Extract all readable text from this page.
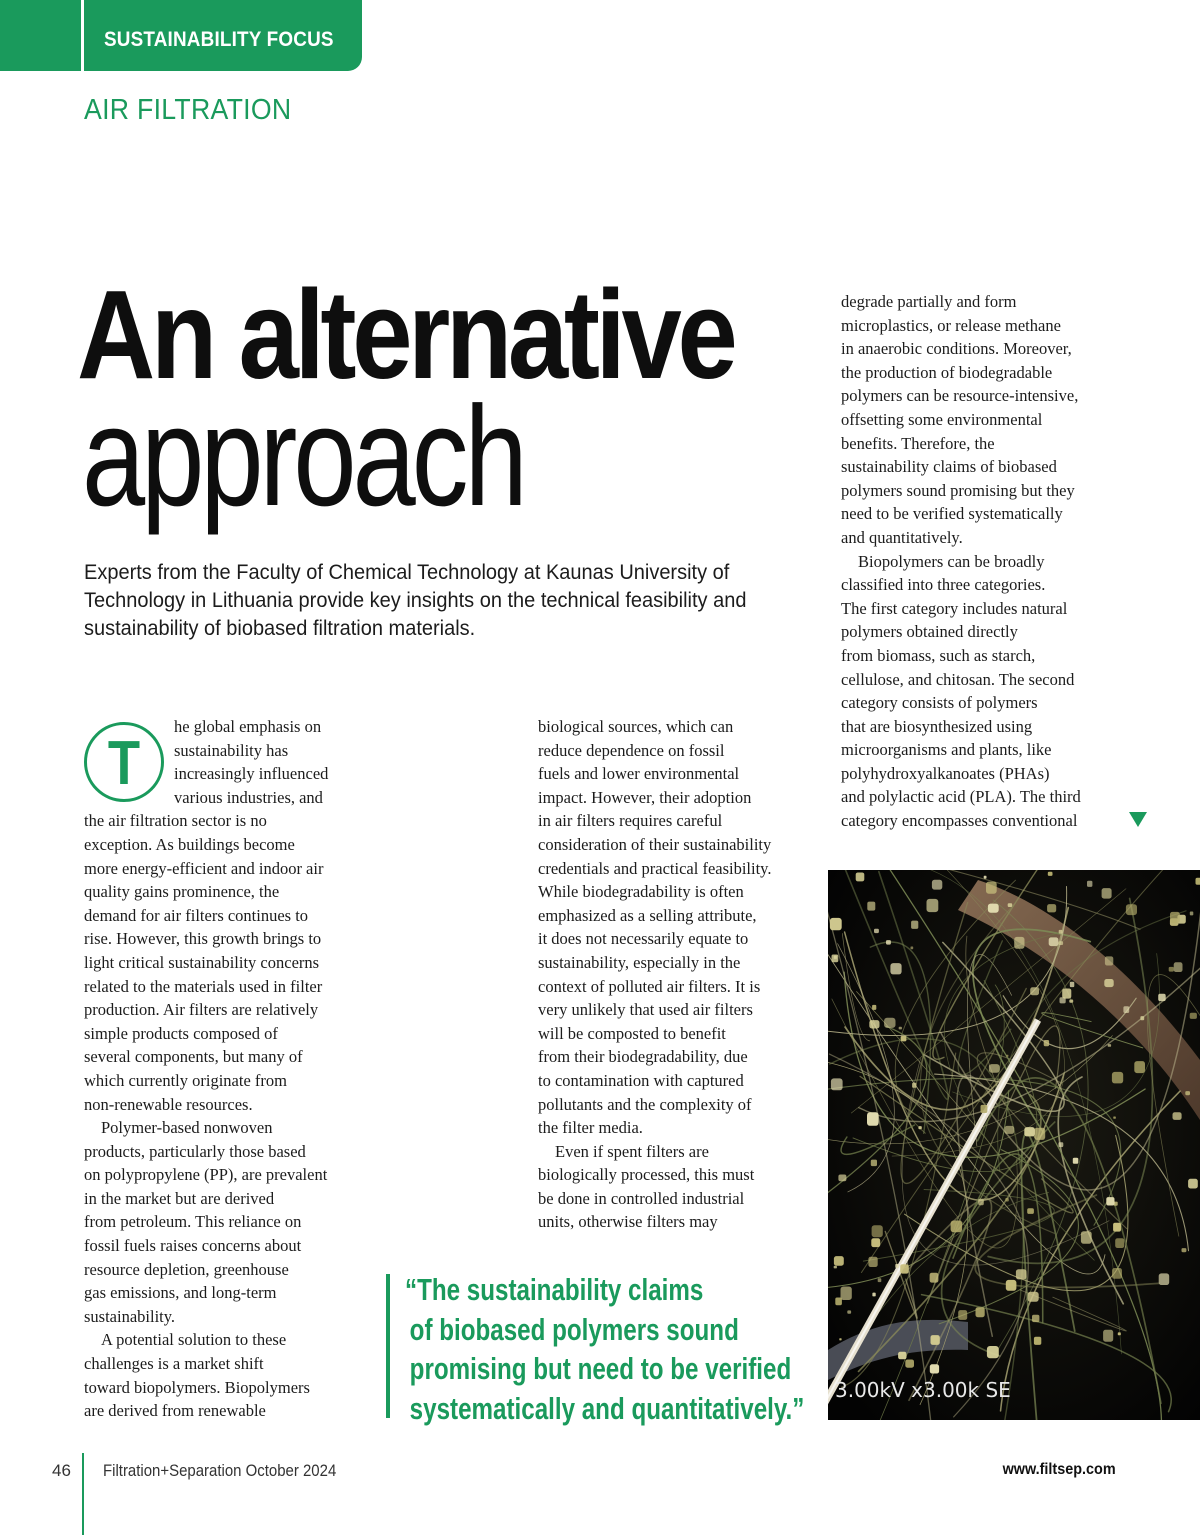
SUSTAINABILITY FOCUS
AIR FILTRATION
An alternative
approach

Experts from the Faculty of Chemical Technology at Kaunas University of

Technology in Lithuania provide key insights on the technical feasibility and

sustainability of biobased filtration materials.

T
he global emphasis on
sustainability has
increasingly influenced
various industries, and
the air filtration sector is no
exception. As buildings become
more energy-efficient and indoor air
quality gains prominence, the
demand for air filters continues to
rise. However, this growth brings to
light critical sustainability concerns
related to the materials used in filter
production. Air filters are relatively
simple products composed of
several components, but many of
which currently originate from
non-renewable resources.
Polymer-based nonwoven
products, particularly those based
on polypropylene (PP), are prevalent
in the market but are derived
from petroleum. This reliance on
fossil fuels raises concerns about
resource depletion, greenhouse
gas emissions, and long-term
sustainability.
A potential solution to these
challenges is a market shift
toward biopolymers. Biopolymers
are derived from renewable
biological sources, which can
reduce dependence on fossil
fuels and lower environmental
impact. However, their adoption
in air filters requires careful
consideration of their sustainability
credentials and practical feasibility.
While biodegradability is often
emphasized as a selling attribute,
it does not necessarily equate to
sustainability, especially in the
context of polluted air filters. It is
very unlikely that used air filters
will be composted to benefit
from their biodegradability, due
to contamination with captured
pollutants and the complexity of
the filter media.
Even if spent filters are
biologically processed, this must
be done in controlled industrial
units, otherwise filters may
degrade partially and form
microplastics, or release methane
in anaerobic conditions. Moreover,
the production of biodegradable
polymers can be resource-intensive,
offsetting some environmental
benefits. Therefore, the
sustainability claims of biobased
polymers sound promising but they
need to be verified systematically
and quantitatively.
Biopolymers can be broadly
classified into three categories.
The first category includes natural
polymers obtained directly
from biomass, such as starch,
cellulose, and chitosan. The second
category consists of polymers
that are biosynthesized using
microorganisms and plants, like
polyhydroxyalkanoates (PHAs)
and polylactic acid (PLA). The third
category encompasses conventional
“The sustainability claims
of biobased polymers sound
promising but need to be verified
systematically and quantitatively.”
3.00kV x3.00k SE
46 Filtration+Separation October 2024	www.filtsep.com
